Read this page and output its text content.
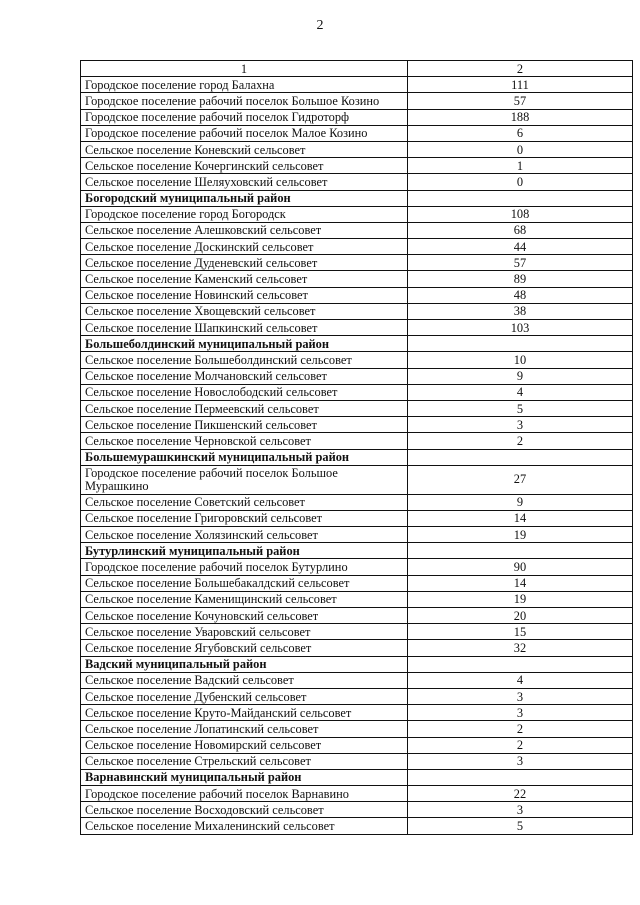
2
1	2
Городское поселение город Балахна	111
Городское поселение рабочий поселок Большое Козино	57
Городское поселение рабочий поселок Гидроторф	188
Городское поселение рабочий поселок Малое Козино	6
Сельское поселение Коневский сельсовет	0
Сельское поселение Кочергинский сельсовет	1
Сельское поселение Шеляуховский сельсовет	0
Богородский муниципальный район	
Городское поселение город Богородск	108
Сельское поселение Алешковский сельсовет	68
Сельское поселение Доскинский сельсовет	44
Сельское поселение Дуденевский сельсовет	57
Сельское поселение Каменский сельсовет	89
Сельское поселение Новинский сельсовет	48
Сельское поселение Хвощевский сельсовет	38
Сельское поселение Шапкинский сельсовет	103
Большеболдинский муниципальный район	
Сельское поселение Большеболдинский сельсовет	10
Сельское поселение Молчановский сельсовет	9
Сельское поселение Новослободский сельсовет	4
Сельское поселение Пермеевский сельсовет	5
Сельское поселение Пикшенский сельсовет	3
Сельское поселение Черновской сельсовет	2
Большемурашкинский муниципальный район	
Городское поселение рабочий поселок Большое Мурашкино	27
Сельское поселение Советский сельсовет	9
Сельское поселение Григоровский сельсовет	14
Сельское поселение Холязинский сельсовет	19
Бутурлинский муниципальный район	
Городское поселение рабочий поселок Бутурлино	90
Сельское поселение Большебакалдский сельсовет	14
Сельское поселение Каменищинский сельсовет	19
Сельское поселение Кочуновский сельсовет	20
Сельское поселение Уваровский сельсовет	15
Сельское поселение Ягубовский сельсовет	32
Вадский муниципальный район	
Сельское поселение Вадский сельсовет	4
Сельское поселение Дубенский сельсовет	3
Сельское поселение Круто-Майданский сельсовет	3
Сельское поселение Лопатинский сельсовет	2
Сельское поселение Новомирский сельсовет	2
Сельское поселение Стрельский сельсовет	3
Варнавинский муниципальный район	
Городское поселение рабочий поселок Варнавино	22
Сельское поселение Восходовский сельсовет	3
Сельское поселение Михаленинский сельсовет	5
